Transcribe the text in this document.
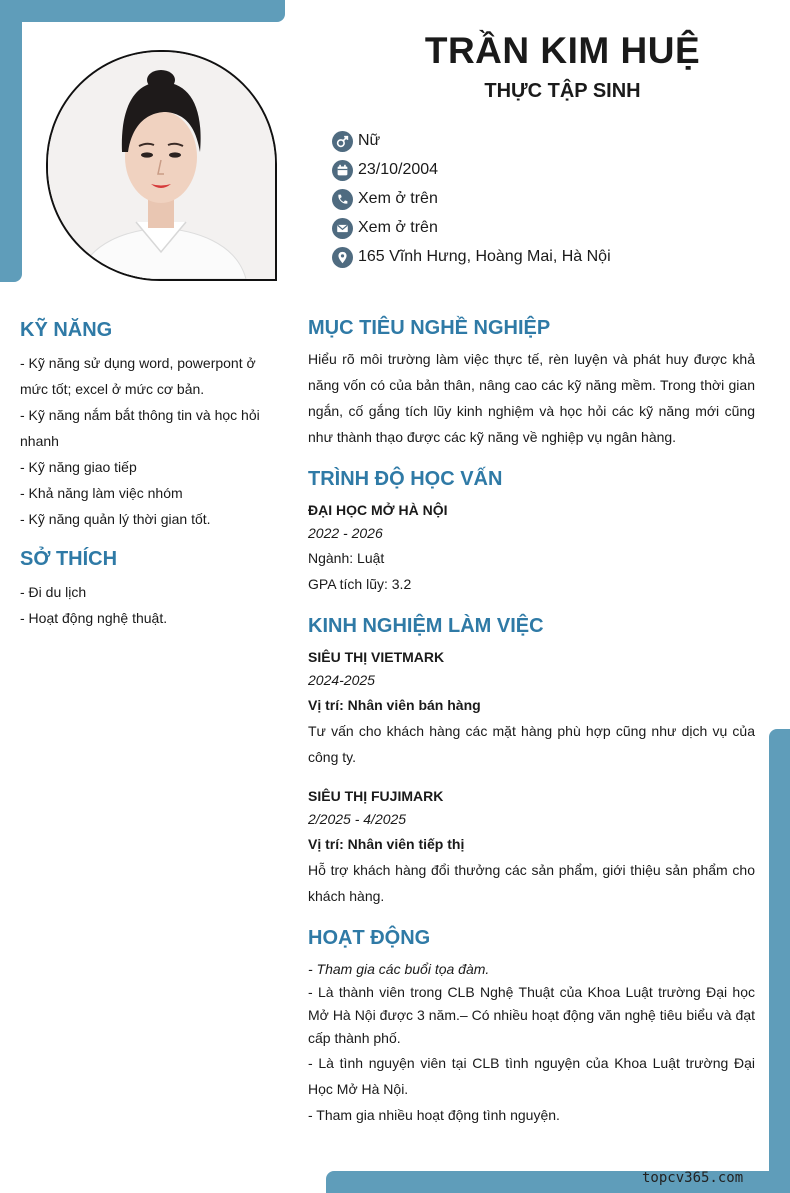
TRẦN KIM HUỆ
THỰC TẬP SINH
Nữ
23/10/2004
Xem ở trên
Xem ở trên
165 Vĩnh Hưng, Hoàng Mai, Hà Nội
KỸ NĂNG
- Kỹ năng sử dụng word, powerpont ở
mức tốt; excel ở mức cơ bản.
- Kỹ năng nắm bắt thông tin và học hỏi
nhanh
- Kỹ năng giao tiếp
- Khả năng làm việc nhóm
- Kỹ năng quản lý thời gian tốt.
SỞ THÍCH
- Đi du lịch
- Hoạt động nghệ thuật.
MỤC TIÊU NGHỀ NGHIỆP
Hiểu rõ môi trường làm việc thực tế, rèn luyện và phát huy được khả năng vốn có của bản thân, nâng cao các kỹ năng mềm. Trong thời gian ngắn, cố gắng tích lũy kinh nghiệm và học hỏi các kỹ năng mới cũng như thành thạo được các kỹ năng về nghiệp vụ ngân hàng.
TRÌNH ĐỘ HỌC VẤN
ĐẠI HỌC MỞ HÀ NỘI
2022 - 2026
Ngành: Luật
GPA tích lũy: 3.2
KINH NGHIỆM LÀM VIỆC
SIÊU THỊ VIETMARK
2024-2025
Vị trí: Nhân viên bán hàng
Tư vấn cho khách hàng các mặt hàng phù hợp cũng như dịch vụ của công ty.
SIÊU THỊ FUJIMARK
2/2025 - 4/2025
Vị trí: Nhân viên tiếp thị
Hỗ trợ khách hàng đổi thưởng các sản phẩm, giới thiệu sản phẩm cho khách hàng.
HOẠT ĐỘNG
- Tham gia các buổi tọa đàm.
- Là thành viên trong CLB Nghệ Thuật của Khoa Luật trường Đại học Mở Hà Nội được 3 năm.– Có nhiều hoạt động văn nghệ tiêu biểu và đạt cấp thành phố.
- Là tình nguyện viên tại CLB tình nguyện của Khoa Luật trường Đại Học Mở Hà Nội.
- Tham gia nhiều hoạt động tình nguyện.
topcv365.com
